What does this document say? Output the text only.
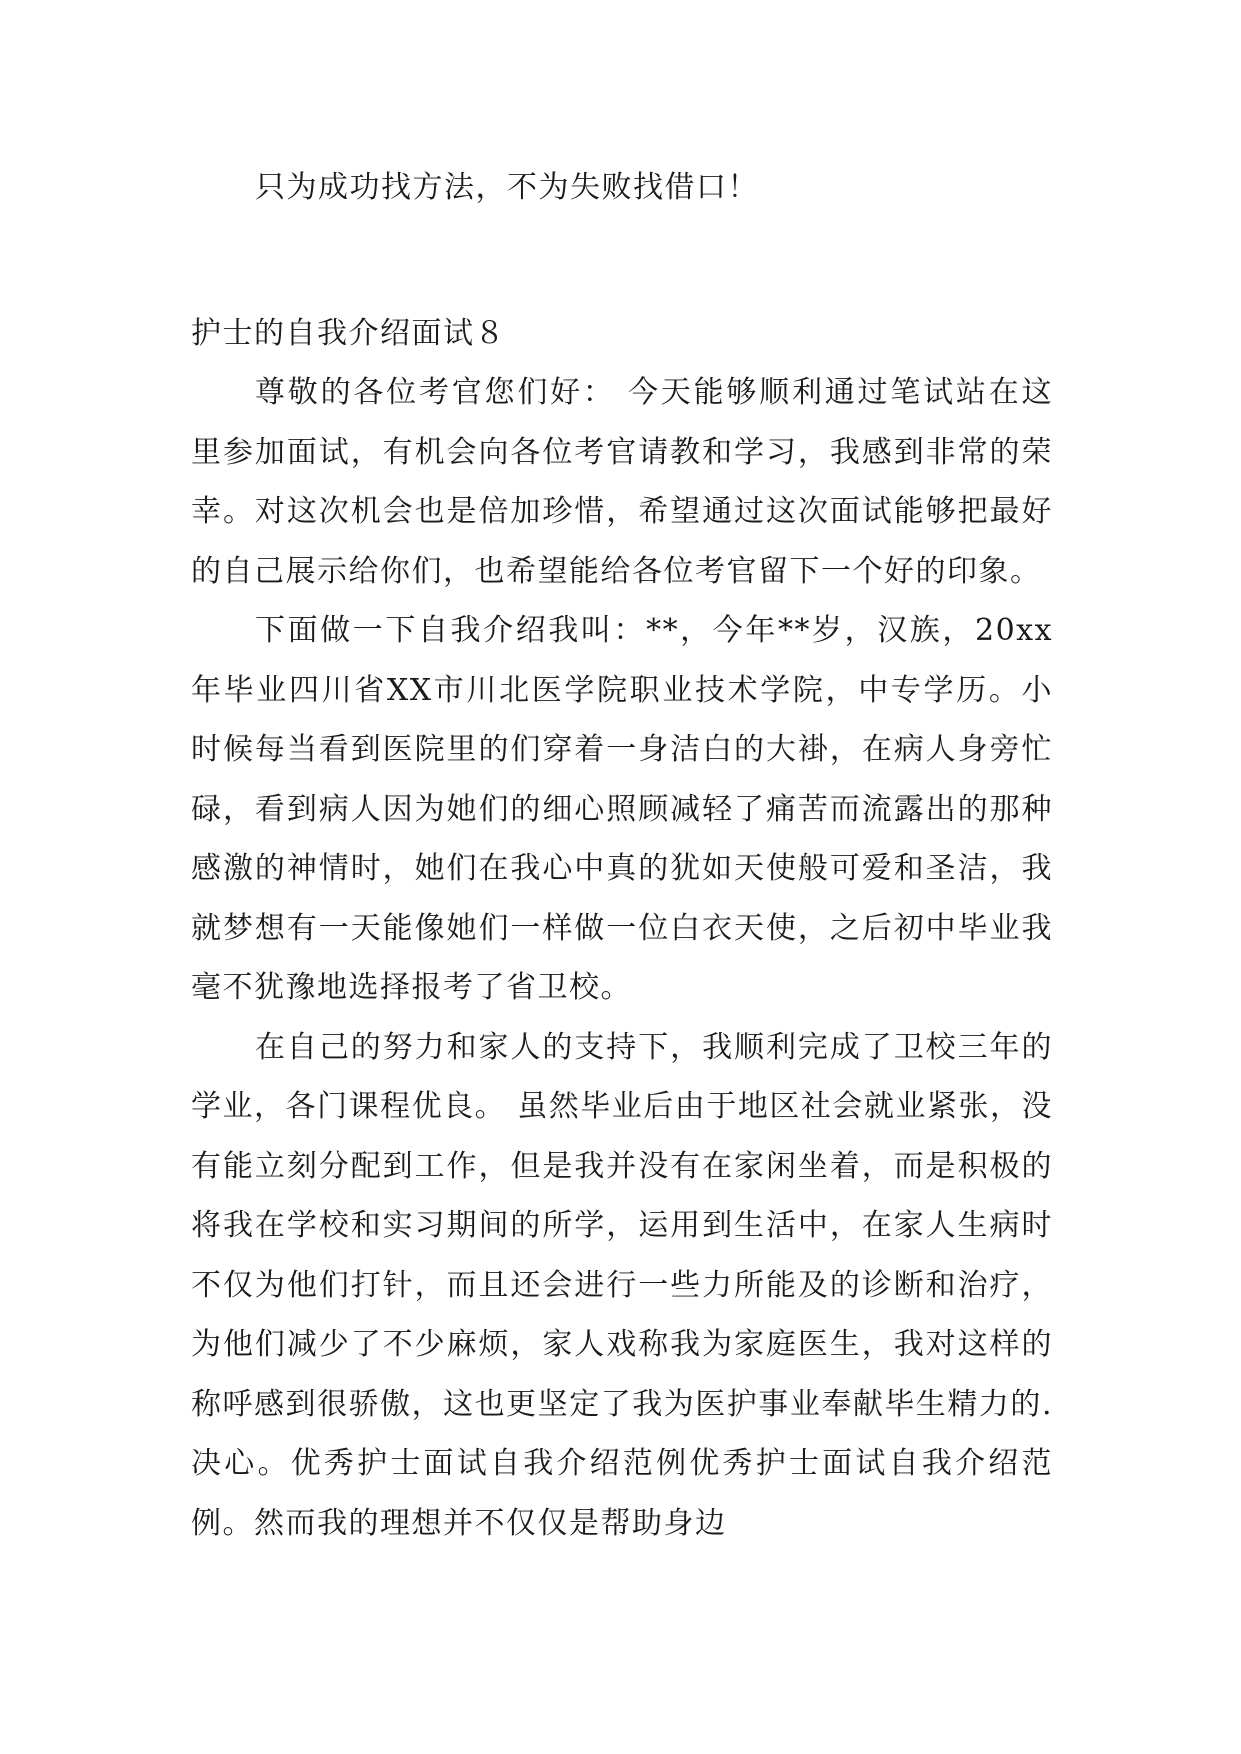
只为成功找方法，不为失败找借口！

护士的自我介绍面试８

尊敬的各位考官您们好： 今天能够顺利通过笔试站在这里参加面试，有机会向各位考官请教和学习，我感到非常的荣幸。对这次机会也是倍加珍惜，希望通过这次面试能够把最好的自己展示给你们，也希望能给各位考官留下一个好的印象。

下面做一下自我介绍我叫：**，今年**岁，汉族，20xx年毕业四川省XX市川北医学院职业技术学院，中专学历。小时候每当看到医院里的们穿着一身洁白的大褂，在病人身旁忙碌，看到病人因为她们的细心照顾减轻了痛苦而流露出的那种感激的神情时，她们在我心中真的犹如天使般可爱和圣洁，我就梦想有一天能像她们一样做一位白衣天使，之后初中毕业我毫不犹豫地选择报考了省卫校。

在自己的努力和家人的支持下，我顺利完成了卫校三年的学业，各门课程优良。 虽然毕业后由于地区社会就业紧张，没有能立刻分配到工作，但是我并没有在家闲坐着，而是积极的将我在学校和实习期间的所学，运用到生活中，在家人生病时不仅为他们打针，而且还会进行一些力所能及的诊断和治疗，为他们减少了不少麻烦，家人戏称我为家庭医生，我对这样的称呼感到很骄傲，这也更坚定了我为医护事业奉献毕生精力的.决心。优秀护士面试自我介绍范例优秀护士面试自我介绍范例。然而我的理想并不仅仅是帮助身边
